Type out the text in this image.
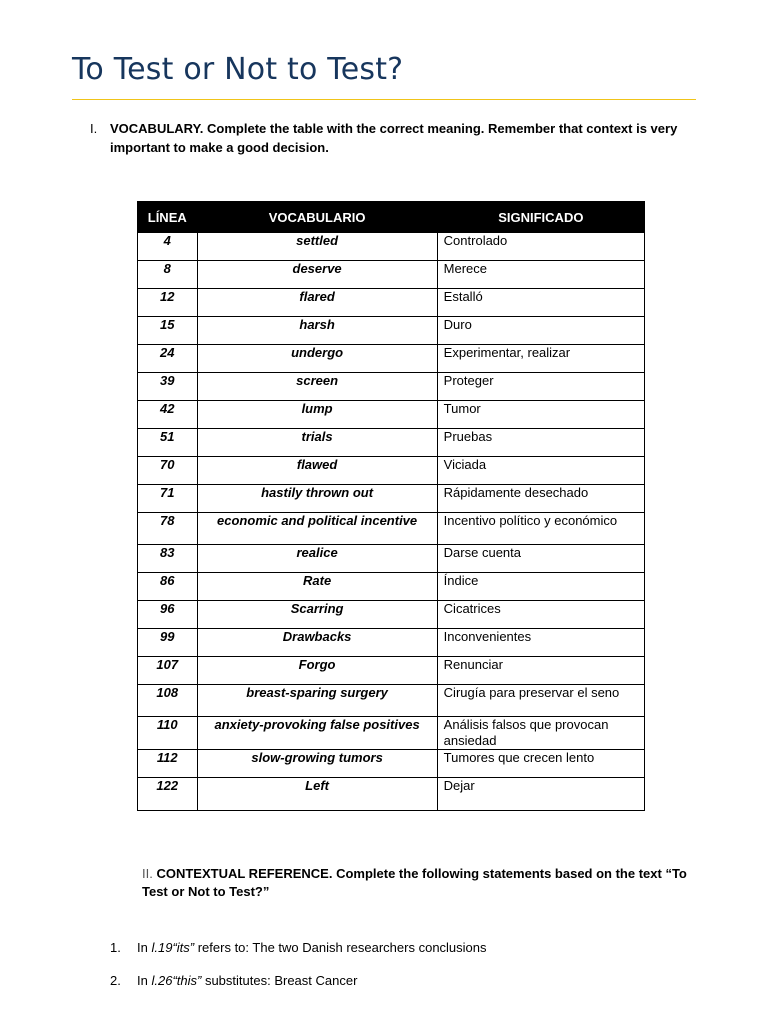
To Test or Not to Test?
I. VOCABULARY. Complete the table with the correct meaning. Remember that context is very important to make a good decision.
LÍNEA	VOCABULARIO	SIGNIFICADO
4	settled	Controlado
8	deserve	Merece
12	flared	Estalló
15	harsh	Duro
24	undergo	Experimentar, realizar
39	screen	Proteger
42	lump	Tumor
51	trials	Pruebas
70	flawed	Viciada
71	hastily thrown out	Rápidamente desechado
78	economic and political incentive	Incentivo político y económico
83	realice	Darse cuenta
86	Rate	Índice
96	Scarring	Cicatrices
99	Drawbacks	Inconvenientes
107	Forgo	Renunciar
108	breast-sparing surgery	Cirugía para preservar el seno
110	anxiety-provoking false positives	Análisis falsos que provocan ansiedad
112	slow-growing tumors	Tumores que crecen lento
122	Left	Dejar
II. CONTEXTUAL REFERENCE. Complete the following statements based on the text “To Test or Not to Test?”
1. In l.19“its” refers to: The two Danish researchers conclusions
2. In l.26“this” substitutes: Breast Cancer
